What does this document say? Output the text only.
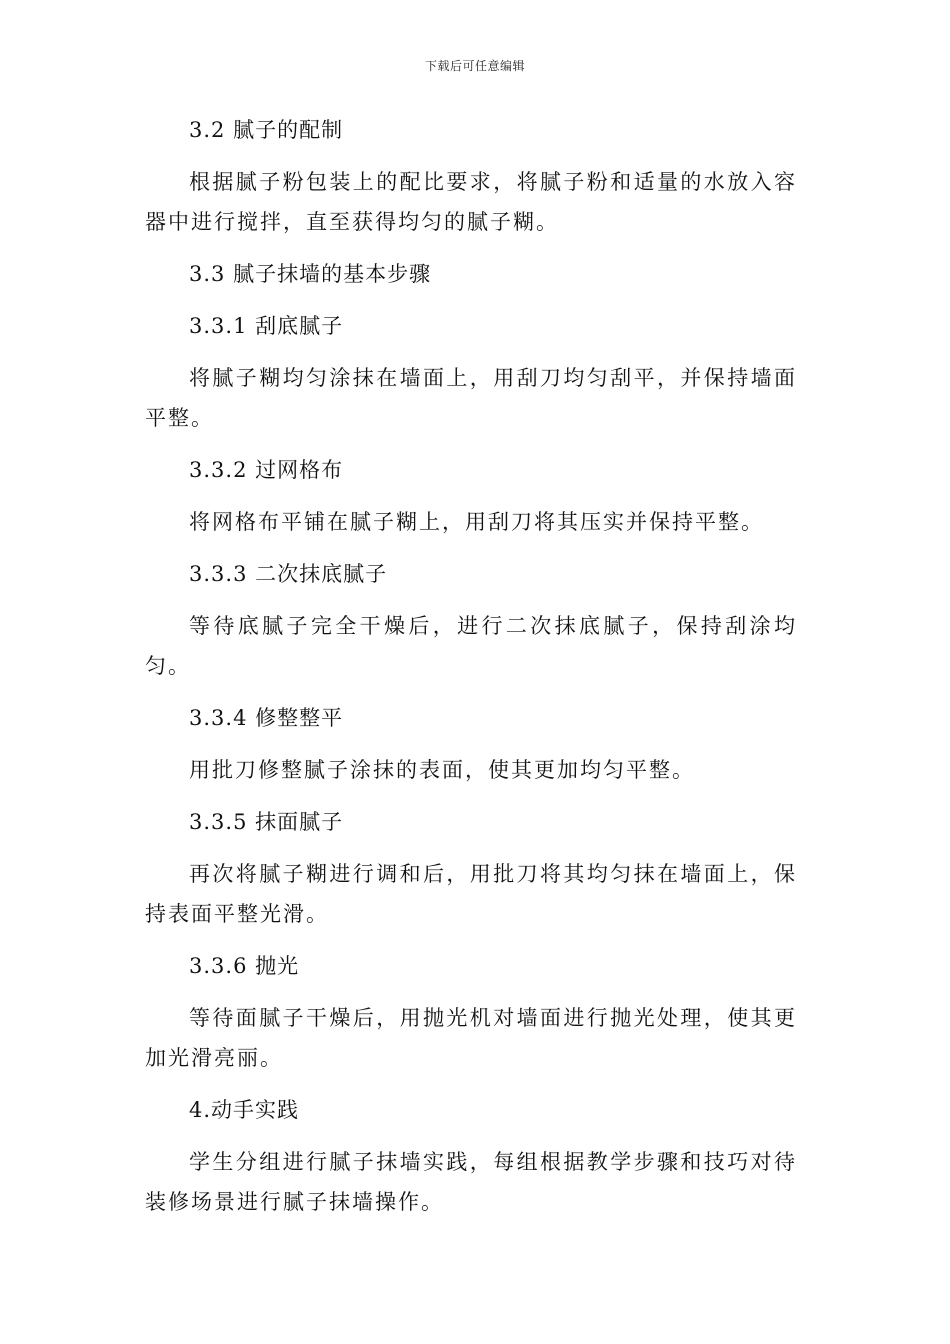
下载后可任意编辑

3.2 腻子的配制

根据腻子粉包装上的配比要求，将腻子粉和适量的水放入容器中进行搅拌，直至获得均匀的腻子糊。

3.3 腻子抹墙的基本步骤

3.3.1 刮底腻子

将腻子糊均匀涂抹在墙面上，用刮刀均匀刮平，并保持墙面平整。

3.3.2 过网格布

将网格布平铺在腻子糊上，用刮刀将其压实并保持平整。

3.3.3 二次抹底腻子

等待底腻子完全干燥后，进行二次抹底腻子，保持刮涂均匀。

3.3.4 修整整平

用批刀修整腻子涂抹的表面，使其更加均匀平整。

3.3.5 抹面腻子

再次将腻子糊进行调和后，用批刀将其均匀抹在墙面上，保持表面平整光滑。

3.3.6 抛光

等待面腻子干燥后，用抛光机对墙面进行抛光处理，使其更加光滑亮丽。

4.动手实践

学生分组进行腻子抹墙实践，每组根据教学步骤和技巧对待装修场景进行腻子抹墙操作。
